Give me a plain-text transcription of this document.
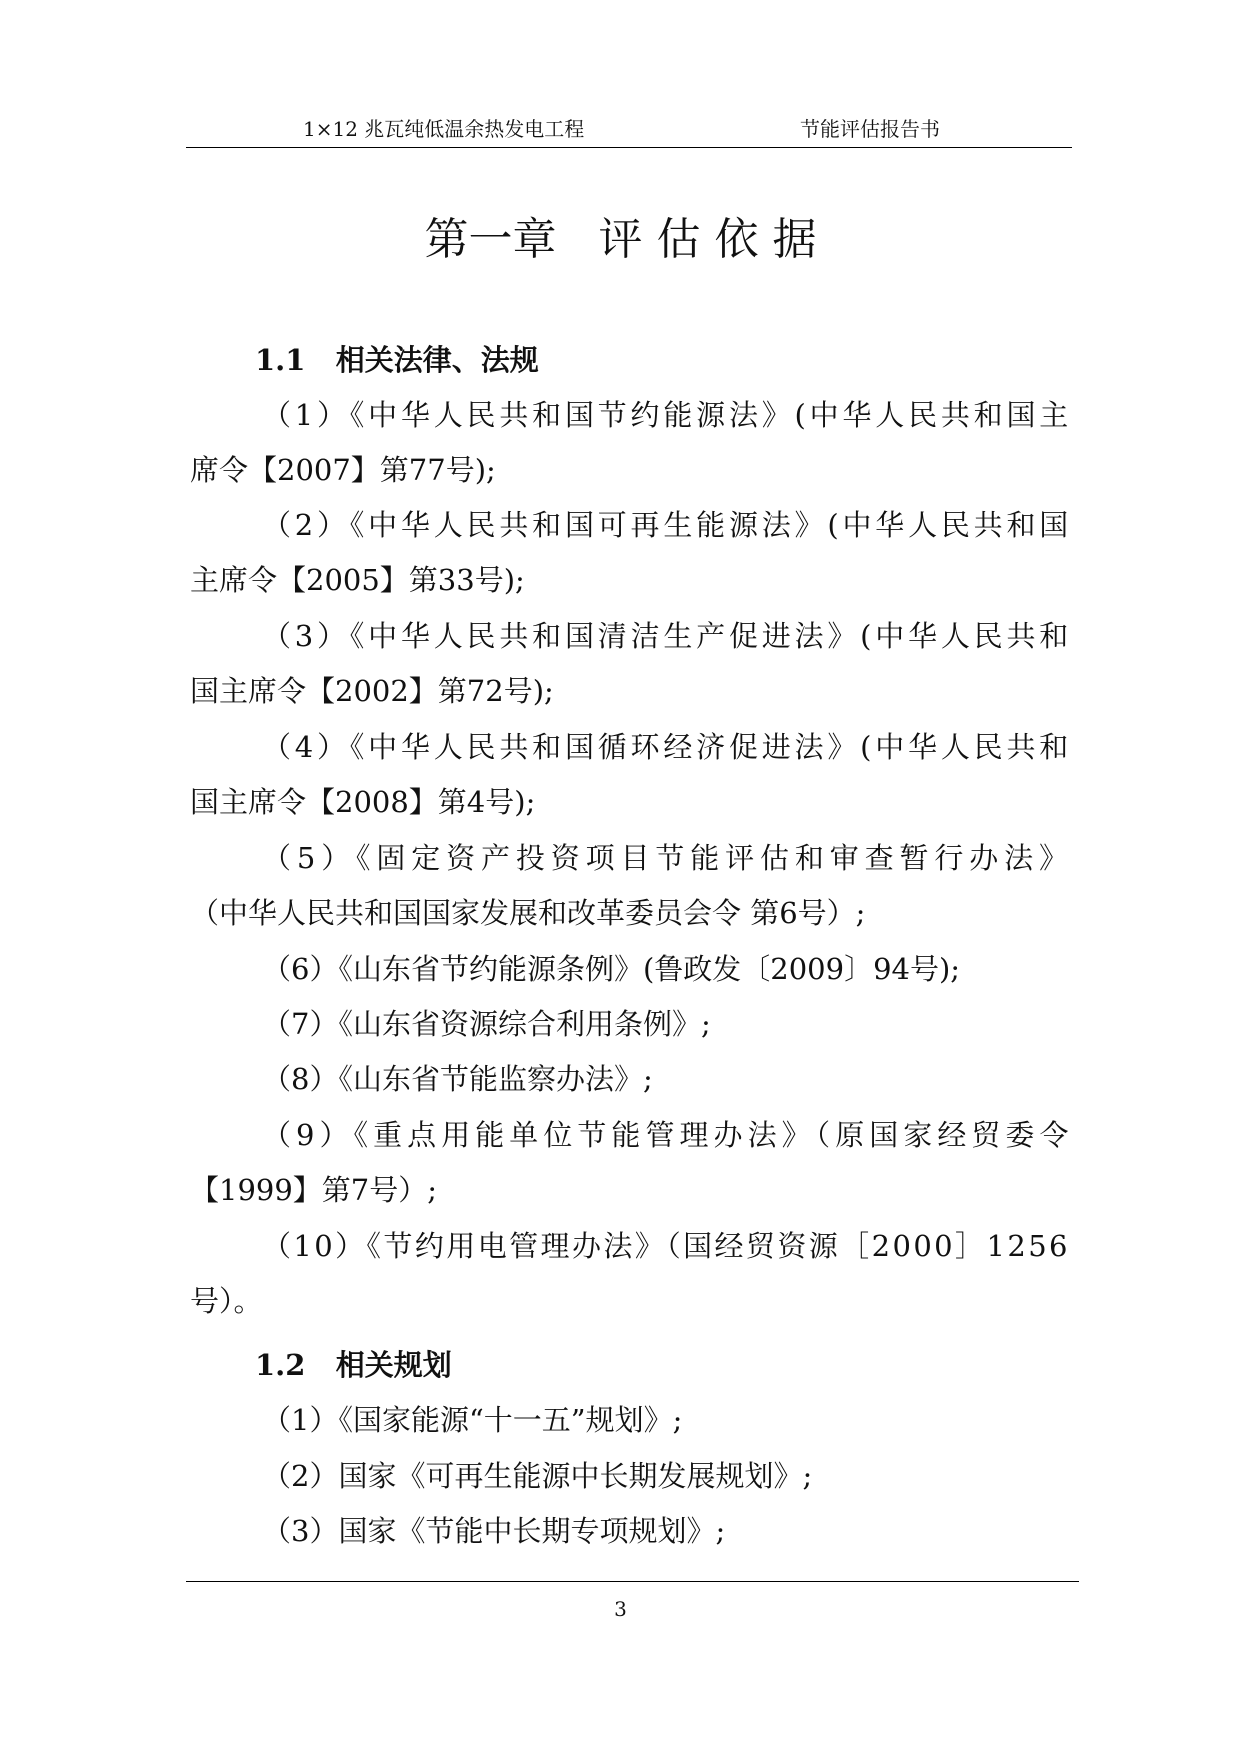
1×12 兆瓦纯低温余热发电工程	节能评估报告书
第一章   评 估 依 据
1.1   相关法律、法规
（1）《中华人民共和国节约能源法》(中华人民共和国主
席令【2007】第77号);
（2）《中华人民共和国可再生能源法》(中华人民共和国
主席令【2005】第33号);
（3）《中华人民共和国清洁生产促进法》(中华人民共和
国主席令【2002】第72号);
（4）《中华人民共和国循环经济促进法》(中华人民共和
国主席令【2008】第4号);
（5）《固定资产投资项目节能评估和审查暂行办法》
（中华人民共和国国家发展和改革委员会令 第6号）;
（6）《山东省节约能源条例》(鲁政发〔2009〕94号);
（7）《山东省资源综合利用条例》;
（8）《山东省节能监察办法》;
（9）《重点用能单位节能管理办法》（原国家经贸委令
【1999】第7号）;
（10）《节约用电管理办法》（国经贸资源［2000］1256
号）。
1.2   相关规划
（1）《国家能源“十一五”规划》;
（2）国家《可再生能源中长期发展规划》;
（3）国家《节能中长期专项规划》;
3
